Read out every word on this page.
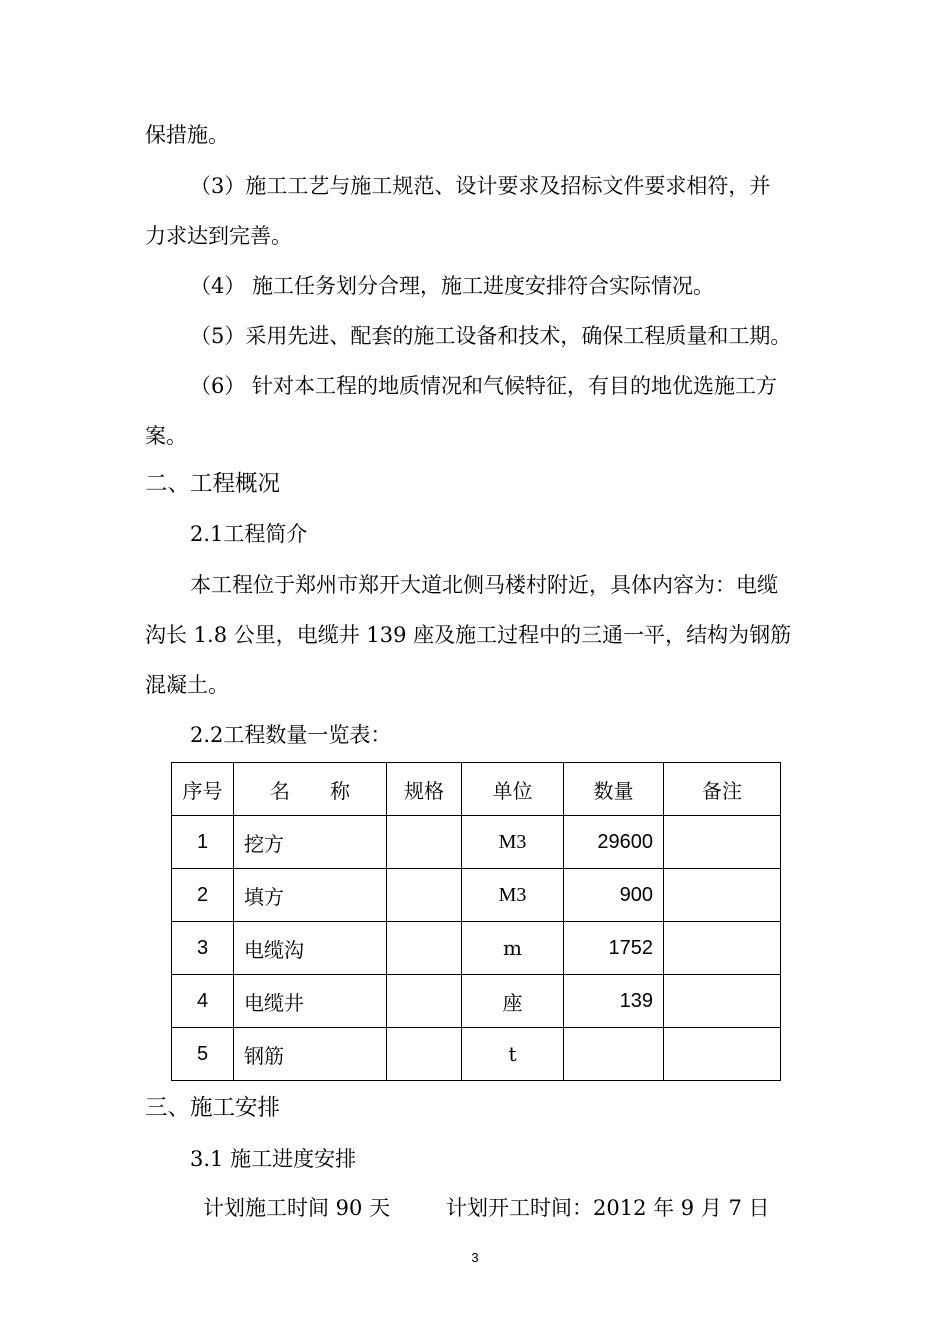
保措施。
（3）施工工艺与施工规范、设计要求及招标文件要求相符，并
力求达到完善。
（4） 施工任务划分合理，施工进度安排符合实际情况。
（5）采用先进、配套的施工设备和技术，确保工程质量和工期。
（6） 针对本工程的地质情况和气候特征，有目的地优选施工方
案。
二、工程概况
2.1工程简介
本工程位于郑州市郑开大道北侧马楼村附近，具体内容为：电缆
沟长 1.8 公里，电缆井 139 座及施工过程中的三通一平，结构为钢筋
混凝土。
2.2工程数量一览表：
序号	名　　称	规格	单位	数量	备注
1	挖方		M3	29600	
2	填方		M3	900	
3	电缆沟		m	1752	
4	电缆井		座	139	
5	钢筋		t		
三、施工安排
3.1 施工进度安排
计划施工时间 90 天	计划开工时间：2012 年 9 月 7 日
3
